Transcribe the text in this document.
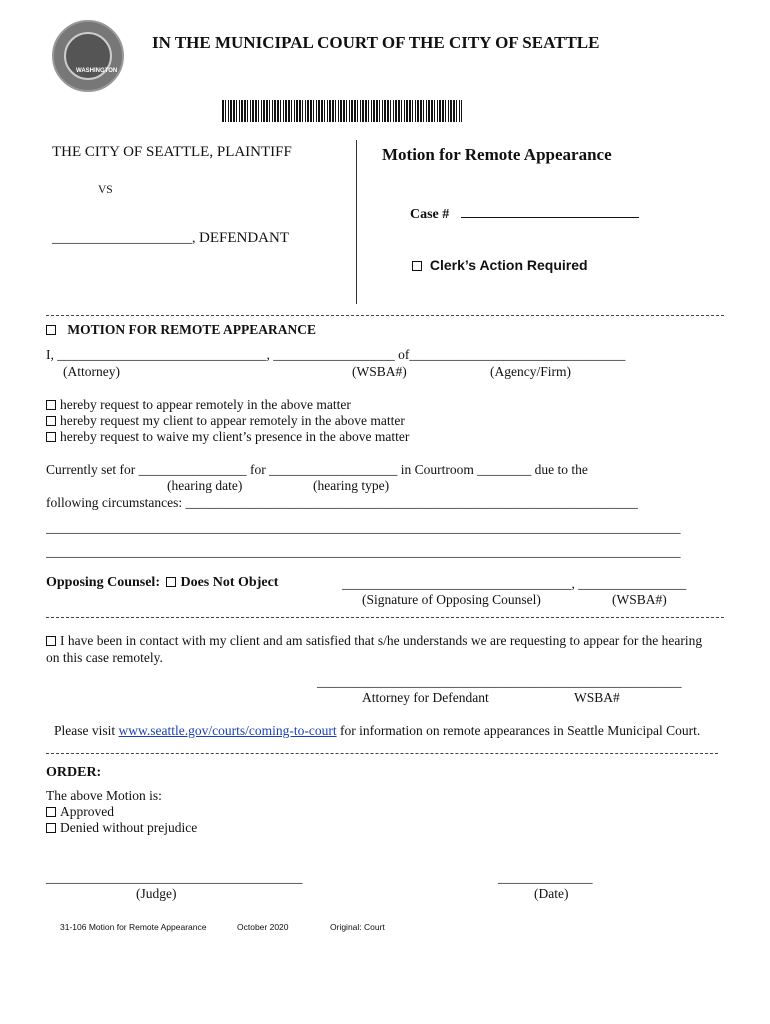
WASHINGTON
IN THE MUNICIPAL COURT OF THE CITY OF SEATTLE
THE CITY OF SEATTLE, PLAINTIFF
VS
____________________, DEFENDANT
Motion for Remote Appearance
Case #
Clerk’s Action Required
MOTION FOR REMOTE APPEARANCE
I, _______________________________, __________________ of________________________________
(Attorney)	(WSBA#)	(Agency/Firm)
hereby request to appear remotely in the above matter
hereby request my client to appear remotely in the above matter
hereby request to waive my client’s presence in the above matter
Currently set for ________________ for ___________________ in Courtroom ________ due to the
(hearing date)	(hearing type)
following circumstances: ___________________________________________________________________
______________________________________________________________________________________________
______________________________________________________________________________________________
Opposing Counsel: Does Not Object	__________________________________, ________________
(Signature of Opposing Counsel)	(WSBA#)
I have been in contact with my client and am satisfied that s/he understands we are requesting to appear for the hearing
on this case remotely.
______________________________________________________
Attorney for Defendant	WSBA#
Please visit www.seattle.gov/courts/coming-to-court for information on remote appearances in Seattle Municipal Court.
ORDER:
The above Motion is:
Approved
Denied without prejudice
______________________________________
(Judge)
______________
(Date)
31-106 Motion for Remote Appearance	October 2020	Original: Court
